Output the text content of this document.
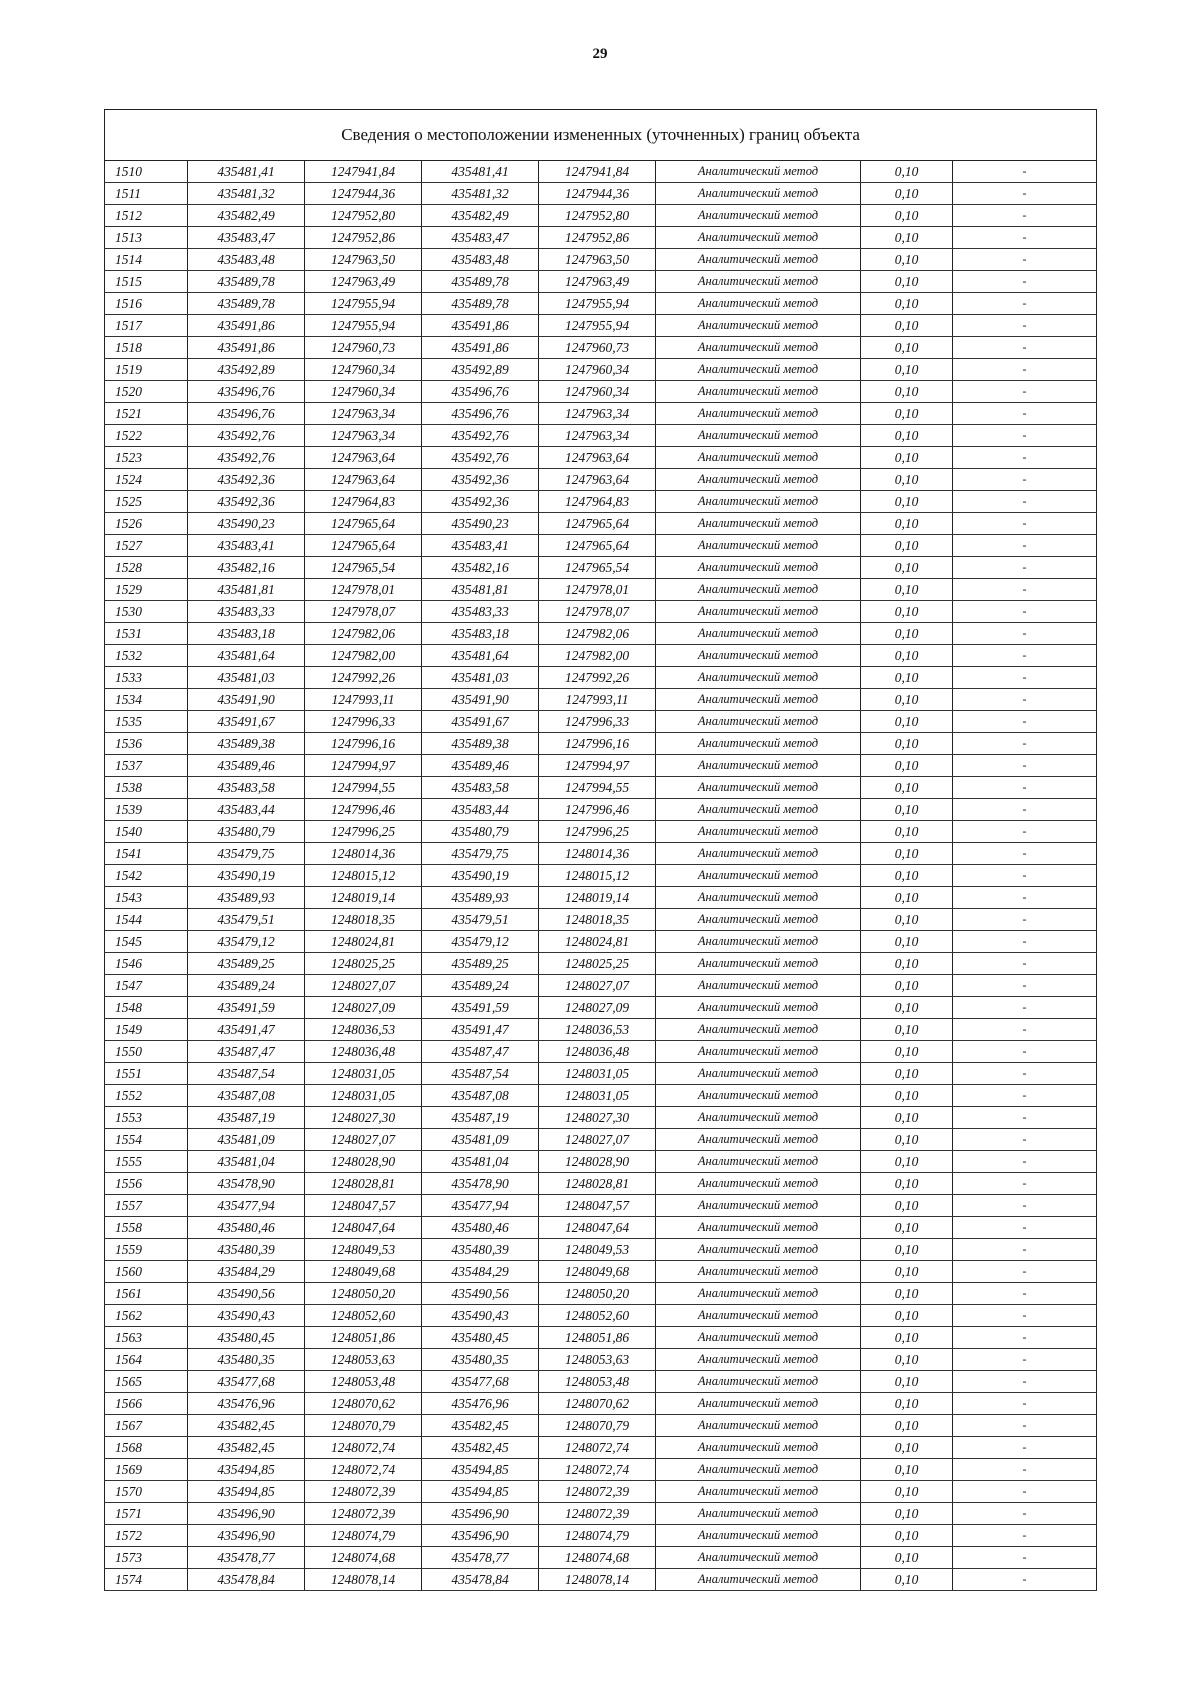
29
Сведения о местоположении измененных (уточненных) границ объекта							
1510	435481,41	1247941,84	435481,41	1247941,84	Аналитический метод	0,10	-
1511	435481,32	1247944,36	435481,32	1247944,36	Аналитический метод	0,10	-
1512	435482,49	1247952,80	435482,49	1247952,80	Аналитический метод	0,10	-
1513	435483,47	1247952,86	435483,47	1247952,86	Аналитический метод	0,10	-
1514	435483,48	1247963,50	435483,48	1247963,50	Аналитический метод	0,10	-
1515	435489,78	1247963,49	435489,78	1247963,49	Аналитический метод	0,10	-
1516	435489,78	1247955,94	435489,78	1247955,94	Аналитический метод	0,10	-
1517	435491,86	1247955,94	435491,86	1247955,94	Аналитический метод	0,10	-
1518	435491,86	1247960,73	435491,86	1247960,73	Аналитический метод	0,10	-
1519	435492,89	1247960,34	435492,89	1247960,34	Аналитический метод	0,10	-
1520	435496,76	1247960,34	435496,76	1247960,34	Аналитический метод	0,10	-
1521	435496,76	1247963,34	435496,76	1247963,34	Аналитический метод	0,10	-
1522	435492,76	1247963,34	435492,76	1247963,34	Аналитический метод	0,10	-
1523	435492,76	1247963,64	435492,76	1247963,64	Аналитический метод	0,10	-
1524	435492,36	1247963,64	435492,36	1247963,64	Аналитический метод	0,10	-
1525	435492,36	1247964,83	435492,36	1247964,83	Аналитический метод	0,10	-
1526	435490,23	1247965,64	435490,23	1247965,64	Аналитический метод	0,10	-
1527	435483,41	1247965,64	435483,41	1247965,64	Аналитический метод	0,10	-
1528	435482,16	1247965,54	435482,16	1247965,54	Аналитический метод	0,10	-
1529	435481,81	1247978,01	435481,81	1247978,01	Аналитический метод	0,10	-
1530	435483,33	1247978,07	435483,33	1247978,07	Аналитический метод	0,10	-
1531	435483,18	1247982,06	435483,18	1247982,06	Аналитический метод	0,10	-
1532	435481,64	1247982,00	435481,64	1247982,00	Аналитический метод	0,10	-
1533	435481,03	1247992,26	435481,03	1247992,26	Аналитический метод	0,10	-
1534	435491,90	1247993,11	435491,90	1247993,11	Аналитический метод	0,10	-
1535	435491,67	1247996,33	435491,67	1247996,33	Аналитический метод	0,10	-
1536	435489,38	1247996,16	435489,38	1247996,16	Аналитический метод	0,10	-
1537	435489,46	1247994,97	435489,46	1247994,97	Аналитический метод	0,10	-
1538	435483,58	1247994,55	435483,58	1247994,55	Аналитический метод	0,10	-
1539	435483,44	1247996,46	435483,44	1247996,46	Аналитический метод	0,10	-
1540	435480,79	1247996,25	435480,79	1247996,25	Аналитический метод	0,10	-
1541	435479,75	1248014,36	435479,75	1248014,36	Аналитический метод	0,10	-
1542	435490,19	1248015,12	435490,19	1248015,12	Аналитический метод	0,10	-
1543	435489,93	1248019,14	435489,93	1248019,14	Аналитический метод	0,10	-
1544	435479,51	1248018,35	435479,51	1248018,35	Аналитический метод	0,10	-
1545	435479,12	1248024,81	435479,12	1248024,81	Аналитический метод	0,10	-
1546	435489,25	1248025,25	435489,25	1248025,25	Аналитический метод	0,10	-
1547	435489,24	1248027,07	435489,24	1248027,07	Аналитический метод	0,10	-
1548	435491,59	1248027,09	435491,59	1248027,09	Аналитический метод	0,10	-
1549	435491,47	1248036,53	435491,47	1248036,53	Аналитический метод	0,10	-
1550	435487,47	1248036,48	435487,47	1248036,48	Аналитический метод	0,10	-
1551	435487,54	1248031,05	435487,54	1248031,05	Аналитический метод	0,10	-
1552	435487,08	1248031,05	435487,08	1248031,05	Аналитический метод	0,10	-
1553	435487,19	1248027,30	435487,19	1248027,30	Аналитический метод	0,10	-
1554	435481,09	1248027,07	435481,09	1248027,07	Аналитический метод	0,10	-
1555	435481,04	1248028,90	435481,04	1248028,90	Аналитический метод	0,10	-
1556	435478,90	1248028,81	435478,90	1248028,81	Аналитический метод	0,10	-
1557	435477,94	1248047,57	435477,94	1248047,57	Аналитический метод	0,10	-
1558	435480,46	1248047,64	435480,46	1248047,64	Аналитический метод	0,10	-
1559	435480,39	1248049,53	435480,39	1248049,53	Аналитический метод	0,10	-
1560	435484,29	1248049,68	435484,29	1248049,68	Аналитический метод	0,10	-
1561	435490,56	1248050,20	435490,56	1248050,20	Аналитический метод	0,10	-
1562	435490,43	1248052,60	435490,43	1248052,60	Аналитический метод	0,10	-
1563	435480,45	1248051,86	435480,45	1248051,86	Аналитический метод	0,10	-
1564	435480,35	1248053,63	435480,35	1248053,63	Аналитический метод	0,10	-
1565	435477,68	1248053,48	435477,68	1248053,48	Аналитический метод	0,10	-
1566	435476,96	1248070,62	435476,96	1248070,62	Аналитический метод	0,10	-
1567	435482,45	1248070,79	435482,45	1248070,79	Аналитический метод	0,10	-
1568	435482,45	1248072,74	435482,45	1248072,74	Аналитический метод	0,10	-
1569	435494,85	1248072,74	435494,85	1248072,74	Аналитический метод	0,10	-
1570	435494,85	1248072,39	435494,85	1248072,39	Аналитический метод	0,10	-
1571	435496,90	1248072,39	435496,90	1248072,39	Аналитический метод	0,10	-
1572	435496,90	1248074,79	435496,90	1248074,79	Аналитический метод	0,10	-
1573	435478,77	1248074,68	435478,77	1248074,68	Аналитический метод	0,10	-
1574	435478,84	1248078,14	435478,84	1248078,14	Аналитический метод	0,10	-
